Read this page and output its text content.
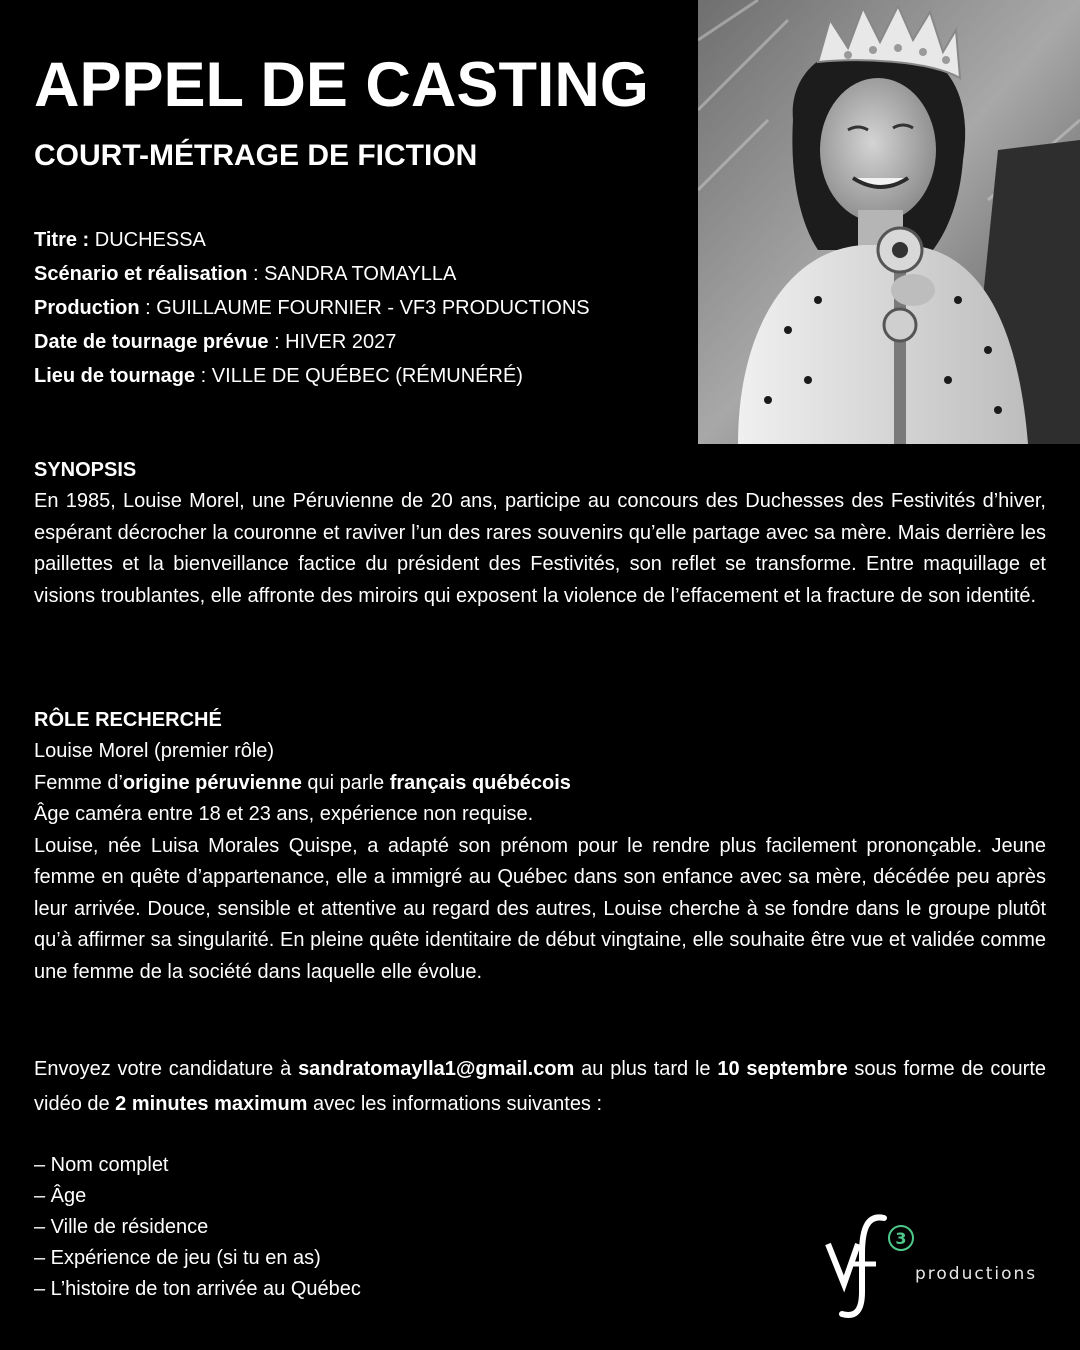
APPEL DE CASTING
COURT-MÉTRAGE DE FICTION
Titre : DUCHESSA
Scénario et réalisation : SANDRA TOMAYLLA
Production : GUILLAUME FOURNIER - VF3 PRODUCTIONS
Date de tournage prévue : HIVER 2027
Lieu de tournage : VILLE DE QUÉBEC (RÉMUNÉRÉ)
SYNOPSIS
En 1985, Louise Morel, une Péruvienne de 20 ans, participe au concours des Duchesses des Festivités d’hiver, espérant décrocher la couronne et raviver l’un des rares souvenirs qu’elle partage avec sa mère. Mais derrière les paillettes et la bienveillance factice du président des Festivités, son reflet se transforme. Entre maquillage et visions troublantes, elle affronte des miroirs qui exposent la violence de l’effacement et la fracture de son identité.
RÔLE RECHERCHÉ
Louise Morel (premier rôle)
Femme d’origine péruvienne qui parle français québécois
Âge caméra entre 18 et 23 ans, expérience non requise.
Louise, née Luisa Morales Quispe, a adapté son prénom pour le rendre plus facilement prononçable. Jeune femme en quête d’appartenance, elle a immigré au Québec dans son enfance avec sa mère, décédée peu après leur arrivée. Douce, sensible et attentive au regard des autres, Louise cherche à se fondre dans le groupe plutôt qu’à affirmer sa singularité. En pleine quête identitaire de début vingtaine, elle souhaite être vue et validée comme une femme de la société dans laquelle elle évolue.
Envoyez votre candidature à sandratomaylla1@gmail.com au plus tard le 10 septembre sous forme de courte vidéo de 2 minutes maximum avec les informations suivantes :
– Nom complet
– Âge
– Ville de résidence
– Expérience de jeu (si tu en as)
– L’histoire de ton arrivée au Québec
3
productions
